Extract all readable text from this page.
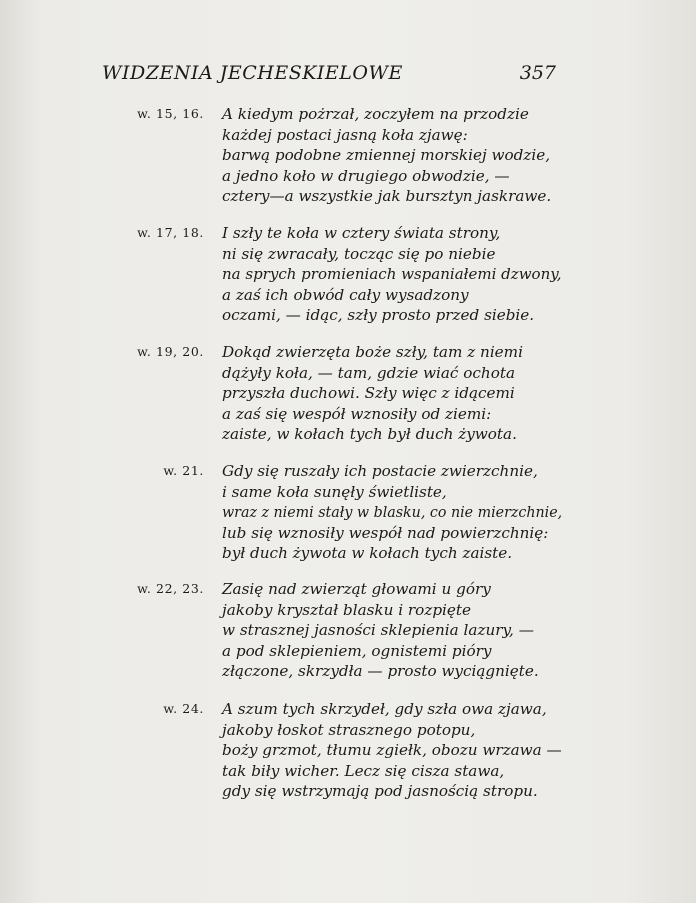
WIDZENIA JECHESKIELOWE	357
w. 15, 16. A kiedym pożrzał, zoczyłem na przodzie
każdej postaci jasną koła zjawę:
barwą podobne zmiennej morskiej wodzie,
a jedno koło w drugiego obwodzie, —
cztery—a wszystkie jak bursztyn jaskrawe.
w. 17, 18. I szły te koła w cztery świata strony,
ni się zwracały, tocząc się po niebie
na sprych promieniach wspaniałemi dzwony,
a zaś ich obwód cały wysadzony
oczami, — idąc, szły prosto przed siebie.
w. 19, 20. Dokąd zwierzęta boże szły, tam z niemi
dążyły koła, — tam, gdzie wiać ochota
przyszła duchowi. Szły więc z idącemi
a zaś się wespół wznosiły od ziemi:
zaiste, w kołach tych był duch żywota.
w. 21. Gdy się ruszały ich postacie zwierzchnie,
i same koła sunęły świetliste,
wraz z niemi stały w blasku, co nie mierzchnie,
lub się wznosiły wespół nad powierzchnię:
był duch żywota w kołach tych zaiste.
w. 22, 23. Zasię nad zwierząt głowami u góry
jakoby kryształ blasku i rozpięte
w strasznej jasności sklepienia lazury, —
a pod sklepieniem, ognistemi pióry
złączone, skrzydła — prosto wyciągnięte.
w. 24. A szum tych skrzydeł, gdy szła owa zjawa,
jakoby łoskot strasznego potopu,
boży grzmot, tłumu zgiełk, obozu wrzawa —
tak biły wicher. Lecz się cisza stawa,
gdy się wstrzymają pod jasnością stropu.
